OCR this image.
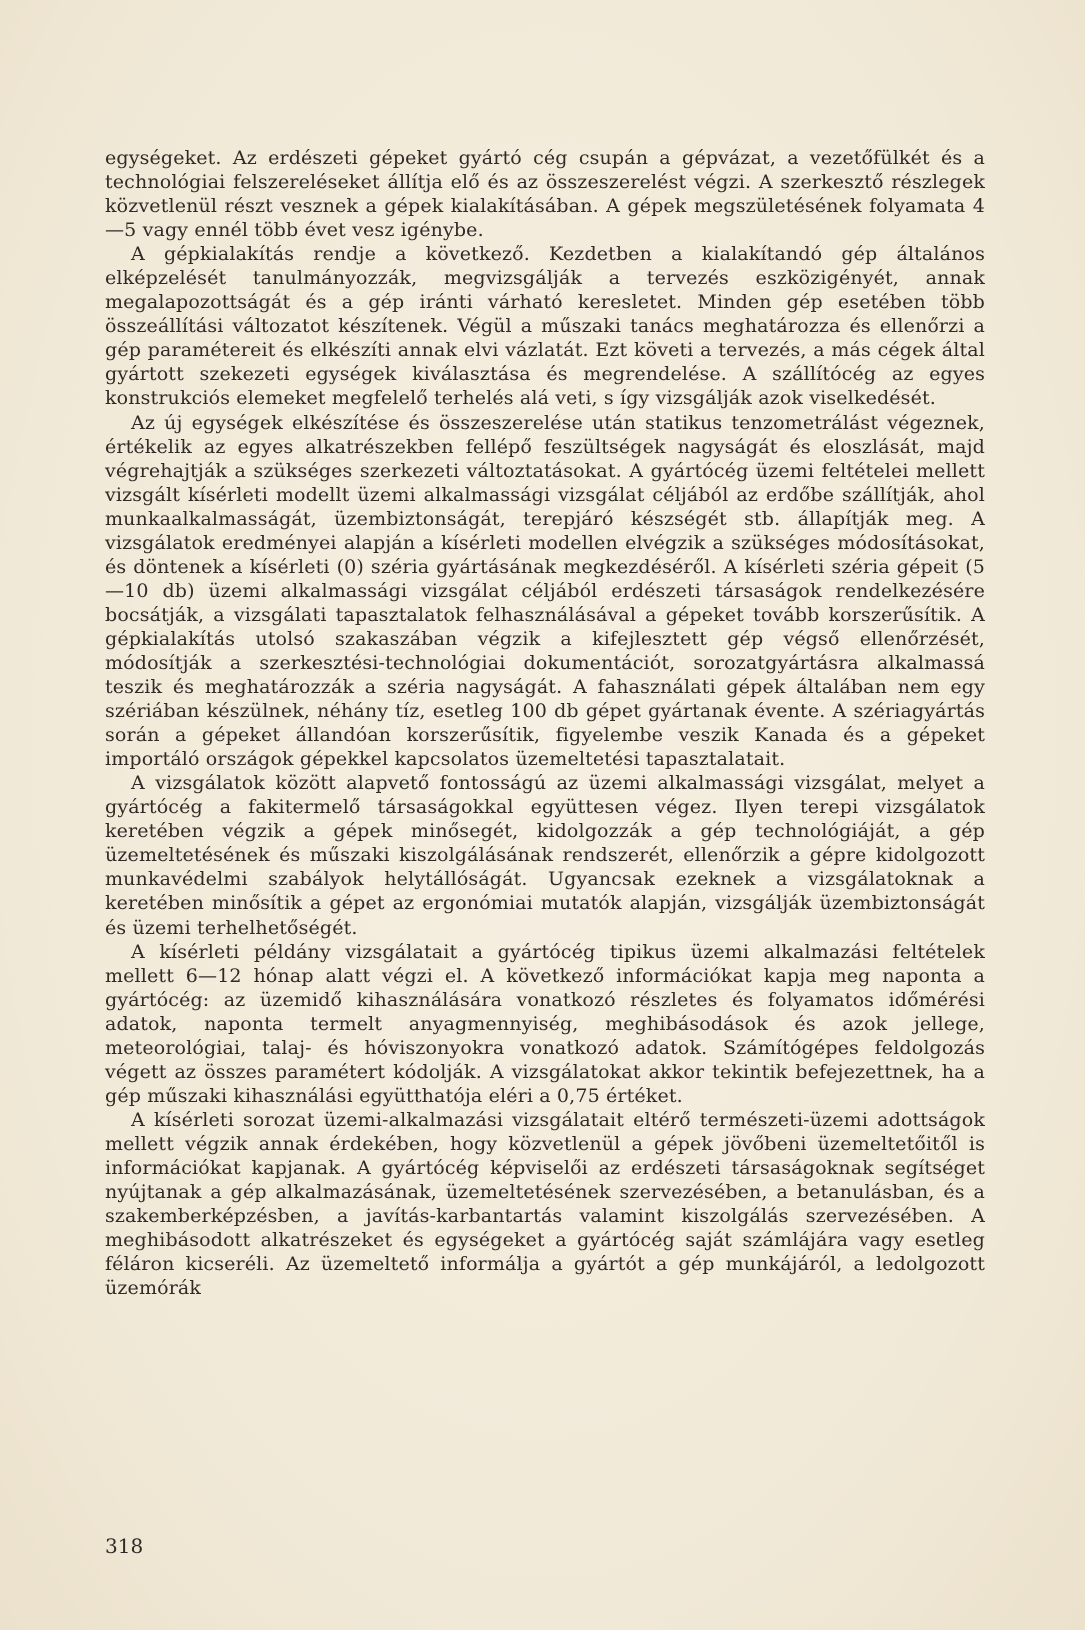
egységeket. Az erdészeti gépeket gyártó cég csupán a gépvázat, a vezetőfülkét és a technológiai felszereléseket állítja elő és az összeszerelést végzi. A szerkesztő részlegek közvetlenül részt vesznek a gépek kialakításában. A gépek megszületésének folyamata 4—5 vagy ennél több évet vesz igénybe.

A gépkialakítás rendje a következő. Kezdetben a kialakítandó gép általános elképzelését tanulmányozzák, megvizsgálják a tervezés eszközigényét, annak megalapozottságát és a gép iránti várható keresletet. Minden gép esetében több összeállítási változatot készítenek. Végül a műszaki tanács meghatározza és ellenőrzi a gép paramétereit és elkészíti annak elvi vázlatát. Ezt követi a tervezés, a más cégek által gyártott szekezeti egységek kiválasztása és megrendelése. A szállítócég az egyes konstrukciós elemeket megfelelő terhelés alá veti, s így vizsgálják azok viselkedését.

Az új egységek elkészítése és összeszerelése után statikus tenzometrálást végeznek, értékelik az egyes alkatrészekben fellépő feszültségek nagyságát és eloszlását, majd végrehajtják a szükséges szerkezeti változtatásokat. A gyártócég üzemi feltételei mellett vizsgált kísérleti modellt üzemi alkalmassági vizsgálat céljából az erdőbe szállítják, ahol munkaalkalmasságát, üzembiztonságát, terepjáró készségét stb. állapítják meg. A vizsgálatok eredményei alapján a kísérleti modellen elvégzik a szükséges módosításokat, és döntenek a kísérleti (0) széria gyártásának megkezdéséről. A kísérleti széria gépeit (5—10 db) üzemi alkalmassági vizsgálat céljából erdészeti társaságok rendelkezésére bocsátják, a vizsgálati tapasztalatok felhasználásával a gépeket tovább korszerűsítik. A gépkialakítás utolsó szakaszában végzik a kifejlesztett gép végső ellenőrzését, módosítják a szerkesztési-technológiai dokumentációt, sorozatgyártásra alkalmassá teszik és meghatározzák a széria nagyságát. A fahasználati gépek általában nem egy szériában készülnek, néhány tíz, esetleg 100 db gépet gyártanak évente. A szériagyártás során a gépeket állandóan korszerűsítik, figyelembe veszik Kanada és a gépeket importáló országok gépekkel kapcsolatos üzemeltetési tapasztalatait.

A vizsgálatok között alapvető fontosságú az üzemi alkalmassági vizsgálat, melyet a gyártócég a fakitermelő társaságokkal együttesen végez. Ilyen terepi vizsgálatok keretében végzik a gépek minősegét, kidolgozzák a gép technológiáját, a gép üzemeltetésének és műszaki kiszolgálásának rendszerét, ellenőrzik a gépre kidolgozott munkavédelmi szabályok helytállóságát. Ugyancsak ezeknek a vizsgálatoknak a keretében minősítik a gépet az ergonómiai mutatók alapján, vizsgálják üzembiztonságát és üzemi terhelhetőségét.

A kísérleti példány vizsgálatait a gyártócég tipikus üzemi alkalmazási feltételek mellett 6—12 hónap alatt végzi el. A következő információkat kapja meg naponta a gyártócég: az üzemidő kihasználására vonatkozó részletes és folyamatos időmérési adatok, naponta termelt anyagmennyiség, meghibásodások és azok jellege, meteorológiai, talaj- és hóviszonyokra vonatkozó adatok. Számítógépes feldolgozás végett az összes paramétert kódolják. A vizsgálatokat akkor tekintik befejezettnek, ha a gép műszaki kihasználási együtthatója eléri a 0,75 értéket.

A kísérleti sorozat üzemi-alkalmazási vizsgálatait eltérő természeti-üzemi adottságok mellett végzik annak érdekében, hogy közvetlenül a gépek jövőbeni üzemeltetőitől is információkat kapjanak. A gyártócég képviselői az erdészeti társaságoknak segítséget nyújtanak a gép alkalmazásának, üzemeltetésének szervezésében, a betanulásban, és a szakemberképzésben, a javítás-karbantartás valamint kiszolgálás szervezésében. A meghibásodott alkatrészeket és egységeket a gyártócég saját számlájára vagy esetleg féláron kicseréli. Az üzemeltető informálja a gyártót a gép munkájáról, a ledolgozott üzemórák

318
